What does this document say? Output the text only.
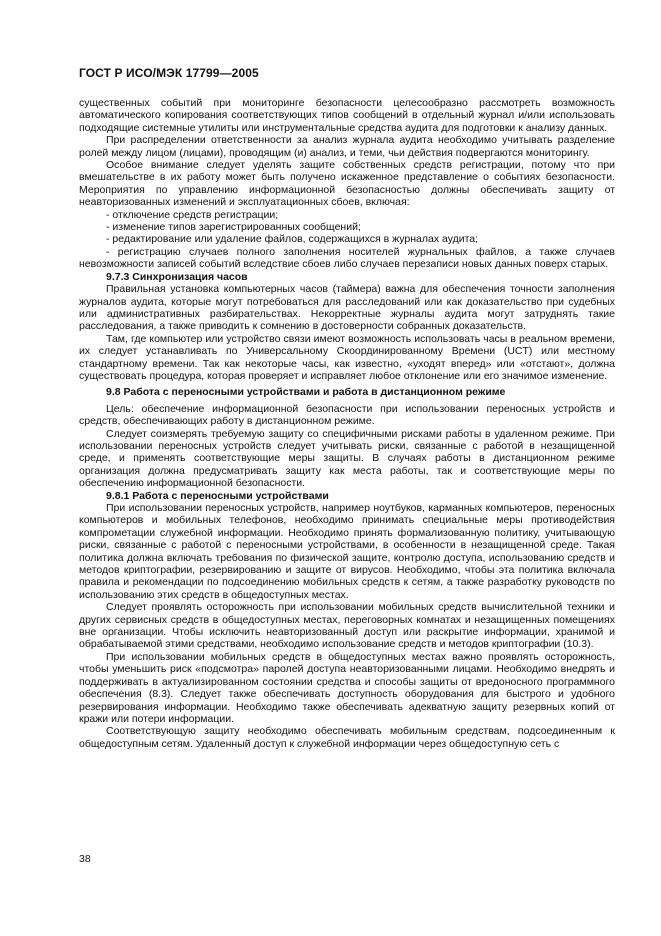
ГОСТ Р ИСО/МЭК 17799—2005

существенных событий при мониторинге безопасности целесообразно рассмотреть возможность автоматического копирования соответствующих типов сообщений в отдельный журнал и/или использовать подходящие системные утилиты или инструментальные средства аудита для подготовки к анализу данных.

При распределении ответственности за анализ журнала аудита необходимо учитывать разделение ролей между лицом (лицами), проводящим (и) анализ, и теми, чьи действия подвергаются мониторингу.

Особое внимание следует уделять защите собственных средств регистрации, потому что при вмешательстве в их работу может быть получено искаженное представление о событиях безопасности. Мероприятия по управлению информационной безопасностью должны обеспечивать защиту от неавторизованных изменений и эксплуатационных сбоев, включая:

- отключение средств регистрации;

- изменение типов зарегистрированных сообщений;

- редактирование или удаление файлов, содержащихся в журналах аудита;

- регистрацию случаев полного заполнения носителей журнальных файлов, а также случаев невозможности записей событий вследствие сбоев либо случаев перезаписи новых данных поверх старых.

9.7.3 Синхронизация часов

Правильная установка компьютерных часов (таймера) важна для обеспечения точности заполнения журналов аудита, которые могут потребоваться для расследований или как доказательство при судебных или административных разбирательствах. Некорректные журналы аудита могут затруднять такие расследования, а также приводить к сомнению в достоверности собранных доказательств.

Там, где компьютер или устройство связи имеют возможность использовать часы в реальном времени, их следует устанавливать по Универсальному Скоординированному Времени (UCT) или местному стандартному времени. Так как некоторые часы, как известно, «уходят вперед» или «отстают», должна существовать процедура, которая проверяет и исправляет любое отклонение или его значимое изменение.

9.8 Работа с переносными устройствами и работа в дистанционном режиме

Цель: обеспечение информационной безопасности при использовании переносных устройств и средств, обеспечивающих работу в дистанционном режиме.

Следует соизмерять требуемую защиту со специфичными рисками работы в удаленном режиме. При использовании переносных устройств следует учитывать риски, связанные с работой в незащищенной среде, и применять соответствующие меры защиты. В случаях работы в дистанционном режиме организация должна предусматривать защиту как места работы, так и соответствующие меры по обеспечению информационной безопасности.

9.8.1 Работа с переносными устройствами

При использовании переносных устройств, например ноутбуков, карманных компьютеров, переносных компьютеров и мобильных телефонов, необходимо принимать специальные меры противодействия компрометации служебной информации. Необходимо принять формализованную политику, учитывающую риски, связанные с работой с переносными устройствами, в особенности в незащищенной среде. Такая политика должна включать требования по физической защите, контролю доступа, использованию средств и методов криптографии, резервированию и защите от вирусов. Необходимо, чтобы эта политика включала правила и рекомендации по подсоединению мобильных средств к сетям, а также разработку руководств по использованию этих средств в общедоступных местах.

Следует проявлять осторожность при использовании мобильных средств вычислительной техники и других сервисных средств в общедоступных местах, переговорных комнатах и незащищенных помещениях вне организации. Чтобы исключить неавторизованный доступ или раскрытие информации, хранимой и обрабатываемой этими средствами, необходимо использование средств и методов криптографии (10.3).

При использовании мобильных средств в общедоступных местах важно проявлять осторожность, чтобы уменьшить риск «подсмотра» паролей доступа неавторизованными лицами. Необходимо внедрять и поддерживать в актуализированном состоянии средства и способы защиты от вредоносного программного обеспечения (8.3). Следует также обеспечивать доступность оборудования для быстрого и удобного резервирования информации. Необходимо также обеспечивать адекватную защиту резервных копий от кражи или потери информации.

Соответствующую защиту необходимо обеспечивать мобильным средствам, подсоединенным к общедоступным сетям. Удаленный доступ к служебной информации через общедоступную сеть с

38
